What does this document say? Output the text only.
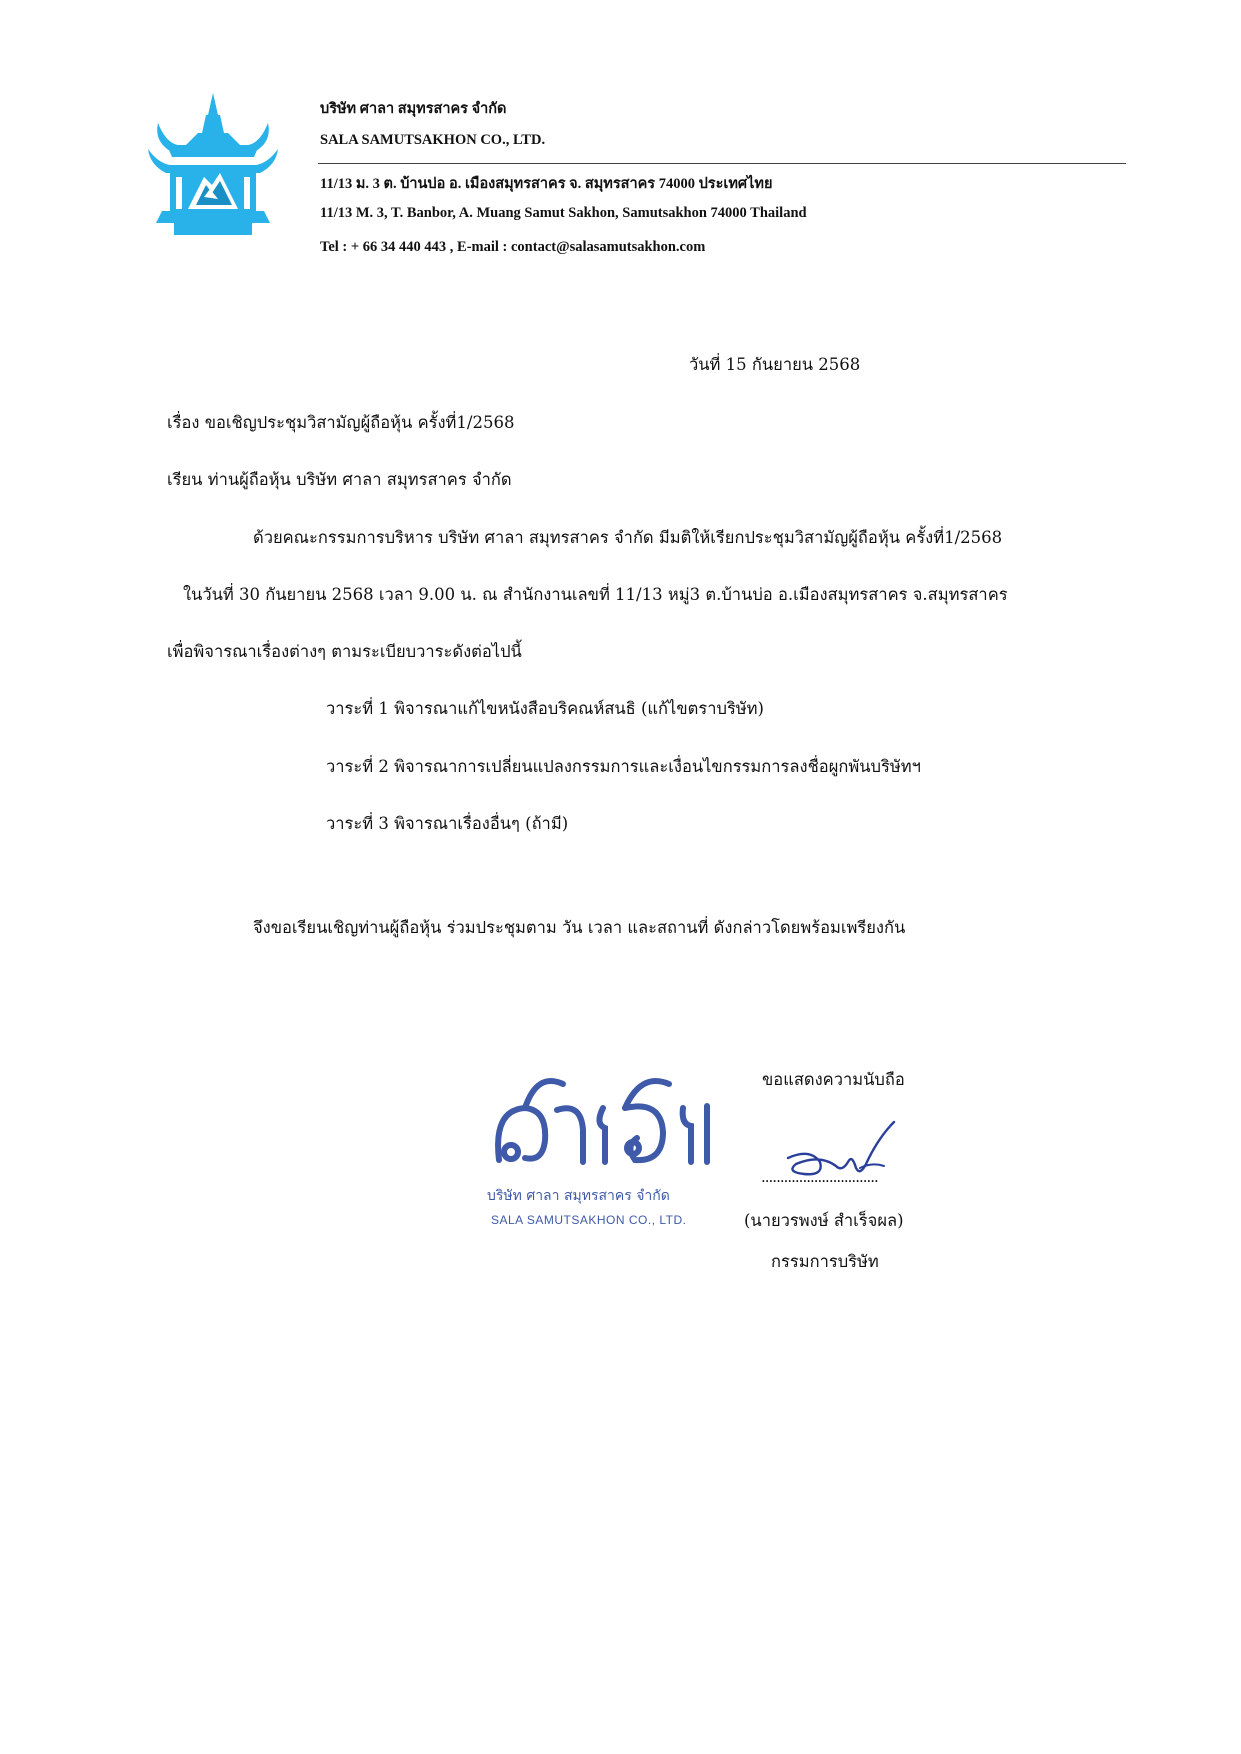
บริษัท ศาลา สมุทรสาคร จำกัด
SALA SAMUTSAKHON CO., LTD.
11/13 ม. 3 ต. บ้านบ่อ อ. เมืองสมุทรสาคร จ. สมุทรสาคร 74000 ประเทศไทย
11/13 M. 3, T. Banbor, A. Muang Samut Sakhon, Samutsakhon 74000 Thailand
Tel : + 66 34 440 443 , E-mail : contact@salasamutsakhon.com
วันที่ 15 กันยายน 2568
เรื่อง ขอเชิญประชุมวิสามัญผู้ถือหุ้น ครั้งที่1/2568
เรียน ท่านผู้ถือหุ้น บริษัท ศาลา สมุทรสาคร จำกัด
ด้วยคณะกรรมการบริหาร บริษัท ศาลา สมุทรสาคร จำกัด มีมติให้เรียกประชุมวิสามัญผู้ถือหุ้น ครั้งที่1/2568
ในวันที่ 30 กันยายน 2568 เวลา 9.00 น. ณ สำนักงานเลขที่ 11/13 หมู่3 ต.บ้านบ่อ อ.เมืองสมุทรสาคร จ.สมุทรสาคร
เพื่อพิจารณาเรื่องต่างๆ ตามระเบียบวาระดังต่อไปนี้
วาระที่ 1 พิจารณาแก้ไขหนังสือบริคณห์สนธิ (แก้ไขตราบริษัท)
วาระที่ 2 พิจารณาการเปลี่ยนแปลงกรรมการและเงื่อนไขกรรมการลงชื่อผูกพันบริษัทฯ
วาระที่ 3 พิจารณาเรื่องอื่นๆ (ถ้ามี)
จึงขอเรียนเชิญท่านผู้ถือหุ้น ร่วมประชุมตาม วัน เวลา และสถานที่ ดังกล่าวโดยพร้อมเพรียงกัน
บริษัท ศาลา สมุทรสาคร จำกัด
SALA SAMUTSAKHON CO., LTD.
ขอแสดงความนับถือ
...............................
(นายวรพงษ์ สำเร็จผล)
กรรมการบริษัท
